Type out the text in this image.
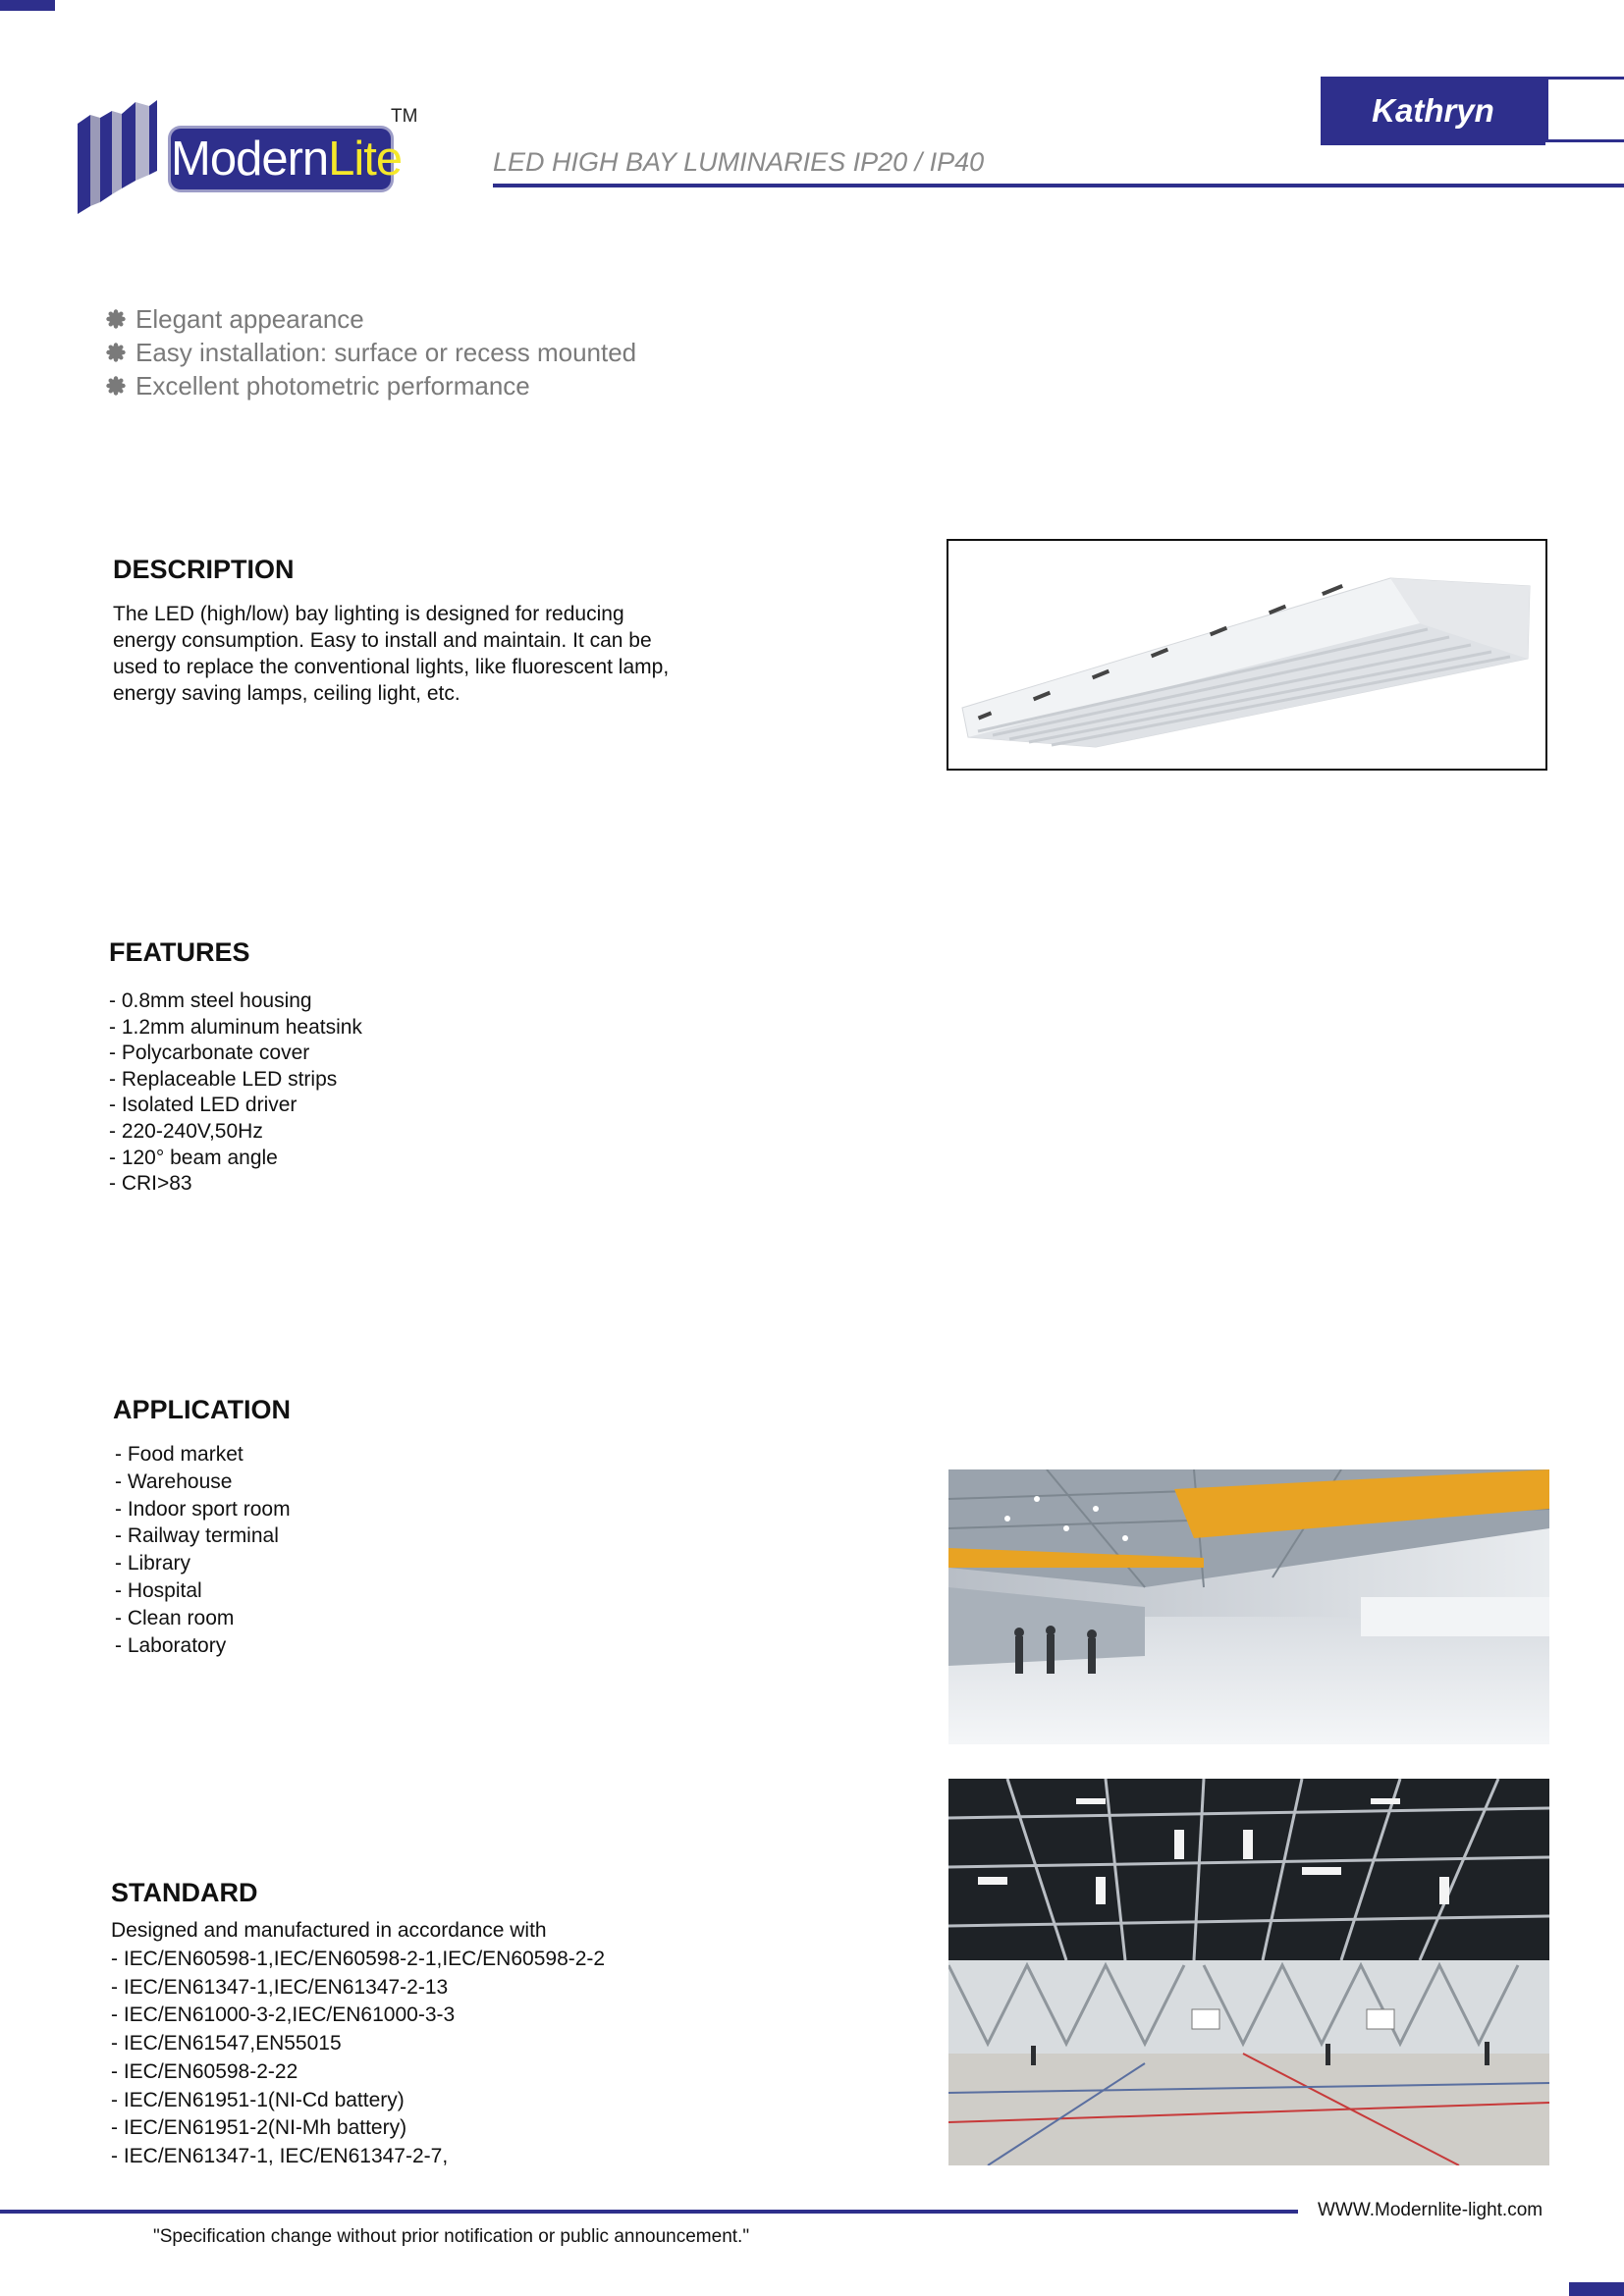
ModernLite
TM	Kathryn
LED HIGH BAY LUMINARIES IP20 / IP40
Elegant appearance
Easy installation: surface or recess mounted
Excellent photometric performance
DESCRIPTION
The LED (high/low) bay lighting is designed for reducing
energy consumption. Easy to install and maintain. It can be
used to replace the conventional lights, like fluorescent lamp,
energy saving lamps, ceiling light, etc.
FEATURES
- 0.8mm steel housing
- 1.2mm aluminum heatsink
- Polycarbonate cover
- Replaceable LED strips
- Isolated LED driver
- 220-240V,50Hz
- 120° beam angle
- CRI>83
APPLICATION
- Food market
- Warehouse
- Indoor sport room
- Railway terminal
- Library
- Hospital
- Clean room
- Laboratory
STANDARD
Designed and manufactured in accordance with
- IEC/EN60598-1,IEC/EN60598-2-1,IEC/EN60598-2-2
- IEC/EN61347-1,IEC/EN61347-2-13
- IEC/EN61000-3-2,IEC/EN61000-3-3
- IEC/EN61547,EN55015
- IEC/EN60598-2-22
- IEC/EN61951-1(NI-Cd battery)
- IEC/EN61951-2(NI-Mh battery)
- IEC/EN61347-1, IEC/EN61347-2-7,
WWW.Modernlite-light.com
"Specification change without prior notification or public announcement."
